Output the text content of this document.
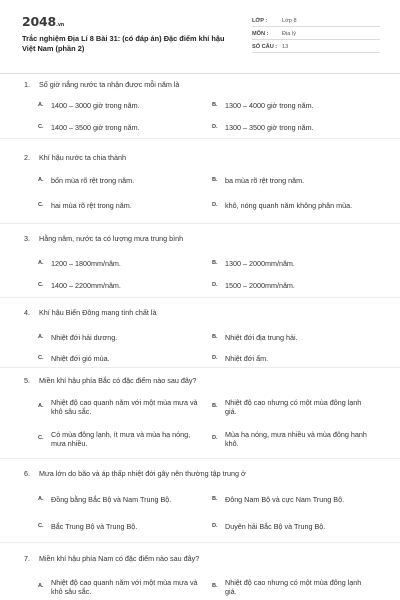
2048.vn
Trắc nghiệm Địa Lí 8 Bài 31: (có đáp án) Đặc điểm khí hậu Việt Nam (phần 2)
LỚP :	Lớp 8
MÔN :	Địa lý
SỐ CÂU : 13
1.	Số giờ nắng nước ta nhận được mỗi năm là
A.	1400 – 3000 giờ trong năm.	B.	1300 – 4000 giờ trong năm.
C.	1400 – 3500 giờ trong năm.	D.	1300 – 3500 giờ trong năm.
2.	Khí hậu nước ta chia thành
A.	bốn mùa rõ rệt trong năm.	B.	ba mùa rõ rệt trong năm.
C.	hai mùa rõ rệt trong năm.	D.	khô, nóng quanh năm không phân mùa.
3.	Hằng năm, nước ta có lượng mưa trung bình
A.	1200 – 1800mm/năm.	B.	1300 – 2000mm/năm.
C.	1400 – 2200mm/năm.	D.	1500 – 2000mm/năm.
4.	Khí hậu Biển Đông mang tính chất là
A.	Nhiệt đới hải dương.	B.	Nhiệt đới địa trung hải.
C.	Nhiệt đới gió mùa.	D.	Nhiệt đới ẩm.
5.	Miền khí hậu phía Bắc có đặc điểm nào sau đây?
A.	Nhiệt độ cao quanh năm với một mùa mưa và khô sâu sắc.
B.	Nhiệt độ cao nhưng có một mùa đông lạnh giá.
C.	Có mùa đông lạnh, ít mưa và mùa hạ nóng, mưa nhiều.
D.	Mùa hạ nóng, mưa nhiều và mùa đông hanh khô.
6.	Mưa lớn do bão và áp thấp nhiệt đới gây nên thường tập trung ở
A.	Đồng bằng Bắc Bộ và Nam Trung Bộ.	B.	Đông Nam Bộ và cực Nam Trung Bộ.
C.	Bắc Trung Bộ và Trung Bộ.	D.	Duyên hải Bắc Bộ và Trung Bộ.
7.	Miền khí hậu phía Nam có đặc điểm nào sau đây?
A.	Nhiệt độ cao quanh năm với một mùa mưa và khô sâu sắc.
B.	Nhiệt độ cao nhưng có một mùa đông lạnh giá.
